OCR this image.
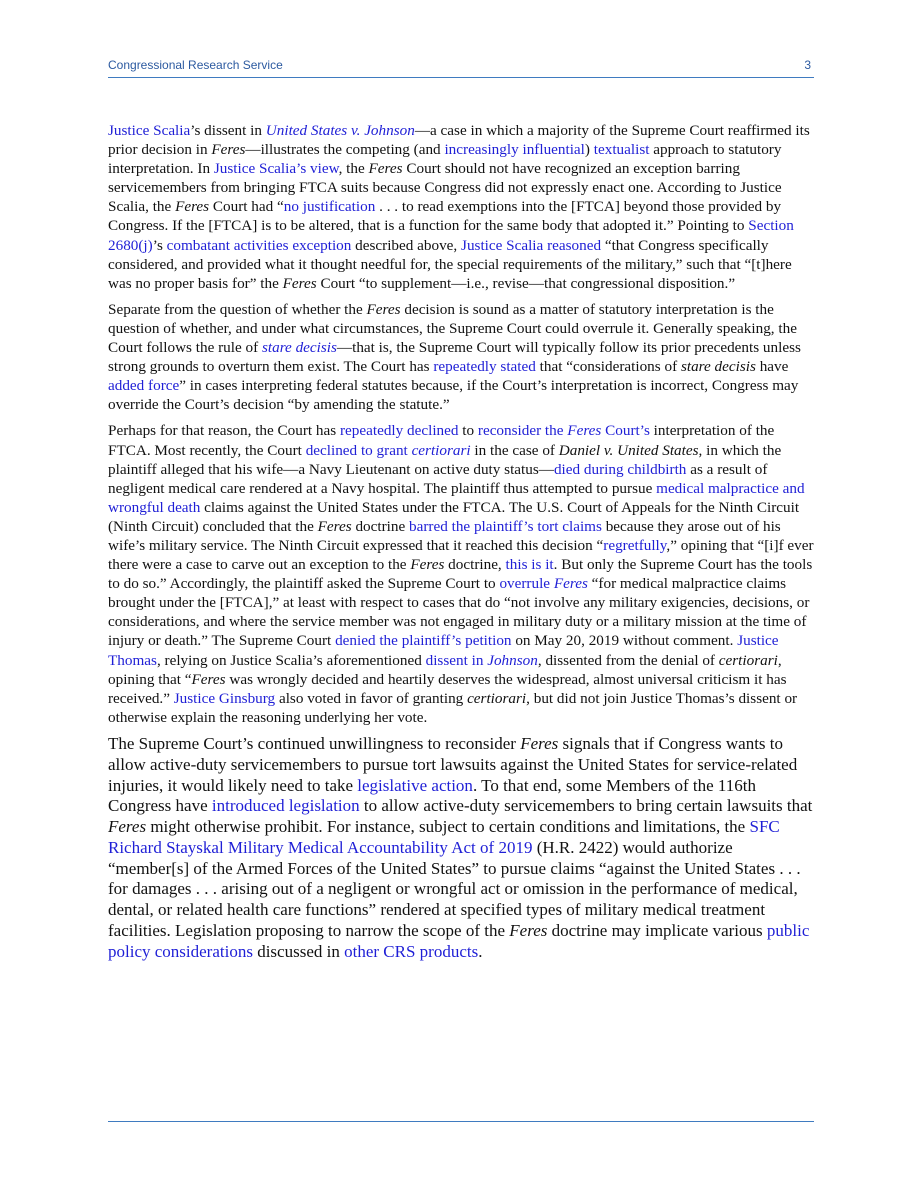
Congressional Research Service	3

Justice Scalia’s dissent in United States v. Johnson—a case in which a majority of the Supreme Court reaffirmed its prior decision in Feres—illustrates the competing (and increasingly influential) textualist approach to statutory interpretation. In Justice Scalia’s view, the Feres Court should not have recognized an exception barring servicemembers from bringing FTCA suits because Congress did not expressly enact one. According to Justice Scalia, the Feres Court had “no justification . . . to read exemptions into the [FTCA] beyond those provided by Congress. If the [FTCA] is to be altered, that is a function for the same body that adopted it.” Pointing to Section 2680(j)’s combatant activities exception described above, Justice Scalia reasoned “that Congress specifically considered, and provided what it thought needful for, the special requirements of the military,” such that “[t]here was no proper basis for” the Feres Court “to supplement—i.e., revise—that congressional disposition.”

Separate from the question of whether the Feres decision is sound as a matter of statutory interpretation is the question of whether, and under what circumstances, the Supreme Court could overrule it. Generally speaking, the Court follows the rule of stare decisis—that is, the Supreme Court will typically follow its prior precedents unless strong grounds to overturn them exist. The Court has repeatedly stated that “considerations of stare decisis have added force” in cases interpreting federal statutes because, if the Court’s interpretation is incorrect, Congress may override the Court’s decision “by amending the statute.”

Perhaps for that reason, the Court has repeatedly declined to reconsider the Feres Court’s interpretation of the FTCA. Most recently, the Court declined to grant certiorari in the case of Daniel v. United States, in which the plaintiff alleged that his wife—a Navy Lieutenant on active duty status—died during childbirth as a result of negligent medical care rendered at a Navy hospital. The plaintiff thus attempted to pursue medical malpractice and wrongful death claims against the United States under the FTCA. The U.S. Court of Appeals for the Ninth Circuit (Ninth Circuit) concluded that the Feres doctrine barred the plaintiff’s tort claims because they arose out of his wife’s military service. The Ninth Circuit expressed that it reached this decision “regretfully,” opining that “[i]f ever there were a case to carve out an exception to the Feres doctrine, this is it. But only the Supreme Court has the tools to do so.” Accordingly, the plaintiff asked the Supreme Court to overrule Feres “for medical malpractice claims brought under the [FTCA],” at least with respect to cases that do “not involve any military exigencies, decisions, or considerations, and where the service member was not engaged in military duty or a military mission at the time of injury or death.” The Supreme Court denied the plaintiff’s petition on May 20, 2019 without comment. Justice Thomas, relying on Justice Scalia’s aforementioned dissent in Johnson, dissented from the denial of certiorari, opining that “Feres was wrongly decided and heartily deserves the widespread, almost universal criticism it has received.” Justice Ginsburg also voted in favor of granting certiorari, but did not join Justice Thomas’s dissent or otherwise explain the reasoning underlying her vote.

The Supreme Court’s continued unwillingness to reconsider Feres signals that if Congress wants to allow active-duty servicemembers to pursue tort lawsuits against the United States for service-related injuries, it would likely need to take legislative action. To that end, some Members of the 116th Congress have introduced legislation to allow active-duty servicemembers to bring certain lawsuits that Feres might otherwise prohibit. For instance, subject to certain conditions and limitations, the SFC Richard Stayskal Military Medical Accountability Act of 2019 (H.R. 2422) would authorize “member[s] of the Armed Forces of the United States” to pursue claims “against the United States . . . for damages . . . arising out of a negligent or wrongful act or omission in the performance of medical, dental, or related health care functions” rendered at specified types of military medical treatment facilities. Legislation proposing to narrow the scope of the Feres doctrine may implicate various public policy considerations discussed in other CRS products.
